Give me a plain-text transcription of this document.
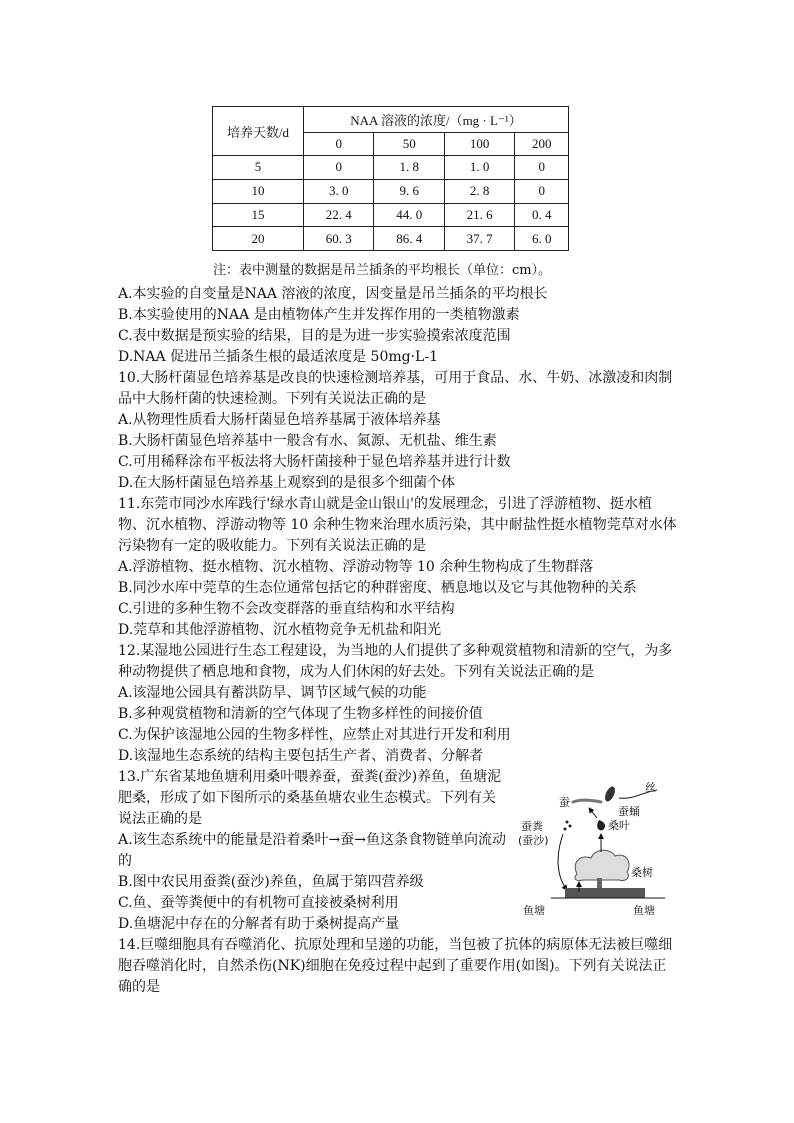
培养天数/d	NAA 溶液的浓度/（mg · L⁻¹）			
	0	50	100	200
5	0	1. 8	1. 0	0
10	3. 0	9. 6	2. 8	0
15	22. 4	44. 0	21. 6	0. 4
20	60. 3	86. 4	37. 7	6. 0
注：表中测量的数据是吊兰插条的平均根长（单位：cm）。
A.本实验的自变量是NAA 溶液的浓度，因变量是吊兰插条的平均根长
B.本实验使用的NAA 是由植物体产生并发挥作用的一类植物激素
C.表中数据是预实验的结果，目的是为进一步实验摸索浓度范围
D.NAA 促进吊兰插条生根的最适浓度是 50mg·L-1
10.大肠杆菌显色培养基是改良的快速检测培养基，可用于食品、水、牛奶、冰激凌和肉制品中大肠杆菌的快速检测。下列有关说法正确的是
A.从物理性质看大肠杆菌显色培养基属于液体培养基
B.大肠杆菌显色培养基中一般含有水、氮源、无机盐、维生素
C.可用稀释涂布平板法将大肠杆菌接种于显色培养基并进行计数
D.在大肠杆菌显色培养基上观察到的是很多个细菌个体
11.东莞市同沙水库践行'绿水青山就是金山银山'的发展理念，引进了浮游植物、挺水植物、沉水植物、浮游动物等 10 余种生物来治理水质污染，其中耐盐性挺水植物莞草对水体污染物有一定的吸收能力。下列有关说法正确的是
A.浮游植物、挺水植物、沉水植物、浮游动物等 10 余种生物构成了生物群落
B.同沙水库中莞草的生态位通常包括它的种群密度、栖息地以及它与其他物种的关系
C.引进的多种生物不会改变群落的垂直结构和水平结构
D.莞草和其他浮游植物、沉水植物竞争无机盐和阳光
12.某湿地公园进行生态工程建设，为当地的人们提供了多种观赏植物和清新的空气，为多种动物提供了栖息地和食物，成为人们休闲的好去处。下列有关说法正确的是
A.该湿地公园具有蓄洪防旱、调节区域气候的功能
B.多种观赏植物和清新的空气体现了生物多样性的间接价值
C.为保护该湿地公园的生物多样性，应禁止对其进行开发和利用
D.该湿地生态系统的结构主要包括生产者、消费者、分解者
13.广东省某地鱼塘利用桑叶喂养蚕，蚕粪(蚕沙)养鱼，鱼塘泥肥桑，形成了如下图所示的桑基鱼塘农业生态模式。下列有关说法正确的是
A.该生态系统中的能量是沿着桑叶→蚕→鱼这条食物链单向流动的
B.图中农民用蚕粪(蚕沙)养鱼，鱼属于第四营养级
C.鱼、蚕等粪便中的有机物可直接被桑树利用
D.鱼塘泥中存在的分解者有助于桑树提高产量
丝
蚕蛹
蚕
桑叶
蚕粪
(蚕沙)
桑树
鱼塘	鱼塘
14.巨噬细胞具有吞噬消化、抗原处理和呈递的功能，当包被了抗体的病原体无法被巨噬细胞吞噬消化时，自然杀伤(NK)细胞在免疫过程中起到了重要作用(如图)。下列有关说法正确的是
